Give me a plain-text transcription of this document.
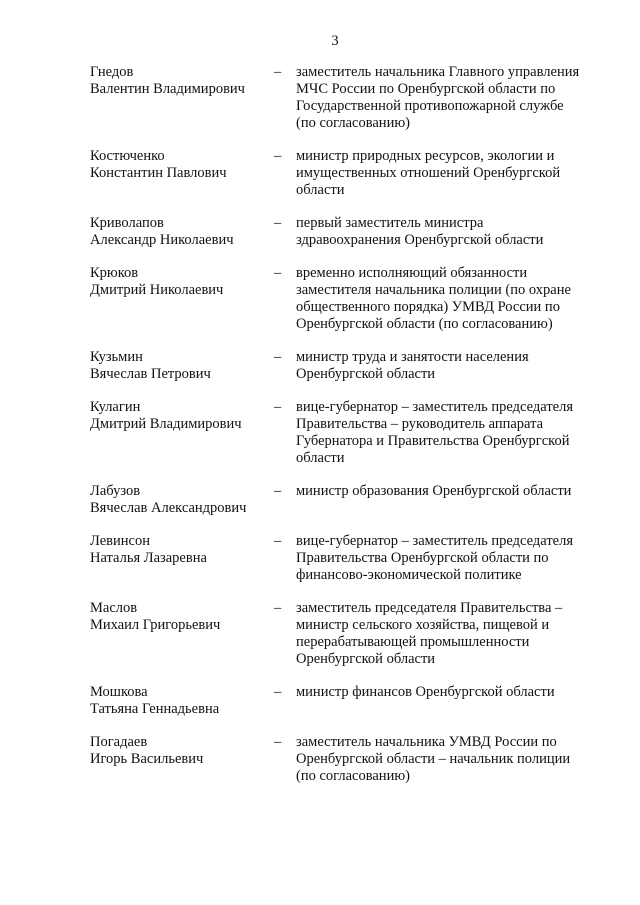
3
Гнедов
Валентин Владимирович
–	заместитель начальника Главного управления
МЧС России по Оренбургской области по
Государственной противопожарной службе
(по согласованию)
Костюченко
Константин Павлович
–	министр природных ресурсов, экологии и
имущественных отношений Оренбургской
области
Криволапов
Александр Николаевич
–	первый заместитель министра
здравоохранения Оренбургской области
Крюков
Дмитрий Николаевич
–	временно исполняющий обязанности
заместителя начальника полиции (по охране
общественного порядка) УМВД России по
Оренбургской области (по согласованию)
Кузьмин
Вячеслав Петрович
–	министр труда и занятости населения
Оренбургской области
Кулагин
Дмитрий Владимирович
–	вице-губернатор – заместитель председателя
Правительства – руководитель аппарата
Губернатора и Правительства Оренбургской
области
Лабузов
Вячеслав Александрович
–	министр образования Оренбургской области
Левинсон
Наталья Лазаревна
–	вице-губернатор – заместитель председателя
Правительства Оренбургской области по
финансово-экономической политике
Маслов
Михаил Григорьевич
–	заместитель председателя Правительства –
министр сельского хозяйства, пищевой и
перерабатывающей промышленности
Оренбургской области
Мошкова
Татьяна Геннадьевна
–	министр финансов Оренбургской области
Погадаев
Игорь Васильевич
–	заместитель начальника УМВД России по
Оренбургской области – начальник полиции
(по согласованию)
